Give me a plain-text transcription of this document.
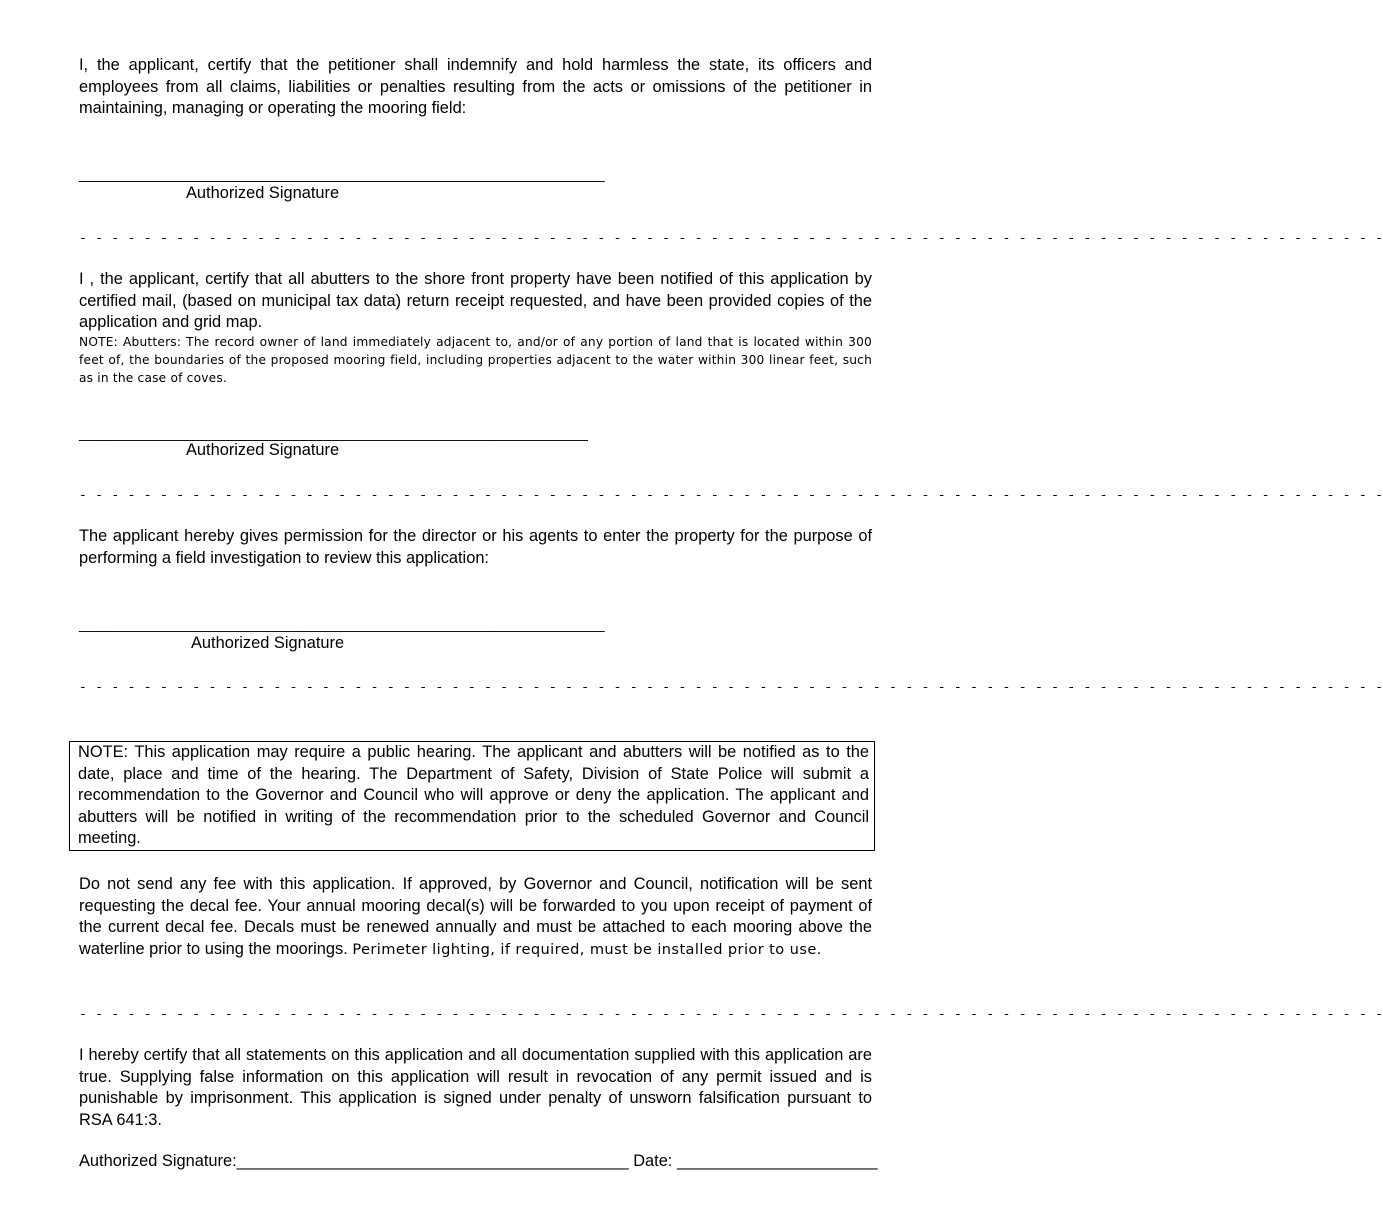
I, the applicant, certify that the petitioner shall indemnify and hold harmless the state, its officers and employees from all claims, liabilities or penalties resulting from the acts or omissions of the petitioner in maintaining, managing or operating the mooring field:
_______________________________________________________________
Authorized Signature
- - - - - - - - - - - - - - - - - - - - - - - - - - - - - - - - - - - - - - - - - - - - - - - - - - - - - - - - - - - - - - - - - - - - - - - - - - - - - - - - -
I , the applicant, certify that all abutters to the shore front property have been notified of this application by certified mail, (based on municipal tax data) return receipt requested, and have been provided copies of the application and grid map.
NOTE: Abutters: The record owner of land immediately adjacent to, and/or of any portion of land that is located within 300 feet of, the boundaries of the proposed mooring field, including properties adjacent to the water within 300 linear feet, such as in the case of coves.
_____________________________________________________________
Authorized Signature
- - - - - - - - - - - - - - - - - - - - - - - - - - - - - - - - - - - - - - - - - - - - - - - - - - - - - - - - - - - - - - - - - - - - - - - - - - - - - - - - -
The applicant hereby gives permission for the director or his agents to enter the property for the purpose of performing a field investigation to review this application:
_______________________________________________________________
Authorized Signature
- - - - - - - - - - - - - - - - - - - - - - - - - - - - - - - - - - - - - - - - - - - - - - - - - - - - - - - - - - - - - - - - - - - - - - - - - - - - - - - - -
NOTE: This application may require a public hearing. The applicant and abutters will be notified as to the date, place and time of the hearing. The Department of Safety, Division of State Police will submit a recommendation to the Governor and Council who will approve or deny the application. The applicant and abutters will be notified in writing of the recommendation prior to the scheduled Governor and Council meeting.
Do not send any fee with this application. If approved, by Governor and Council, notification will be sent requesting the decal fee. Your annual mooring decal(s) will be forwarded to you upon receipt of payment of the current decal fee. Decals must be renewed annually and must be attached to each mooring above the waterline prior to using the moorings. Perimeter lighting, if required, must be installed prior to use.
- - - - - - - - - - - - - - - - - - - - - - - - - - - - - - - - - - - - - - - - - - - - - - - - - - - - - - - - - - - - - - - - - - - - - - - - - - - - - - - - -
I hereby certify that all statements on this application and all documentation supplied with this application are true. Supplying false information on this application will result in revocation of any permit issued and is punishable by imprisonment. This application is signed under penalty of unsworn falsification pursuant to RSA 641:3.
Authorized Signature:___________________________________________ Date: ______________________
